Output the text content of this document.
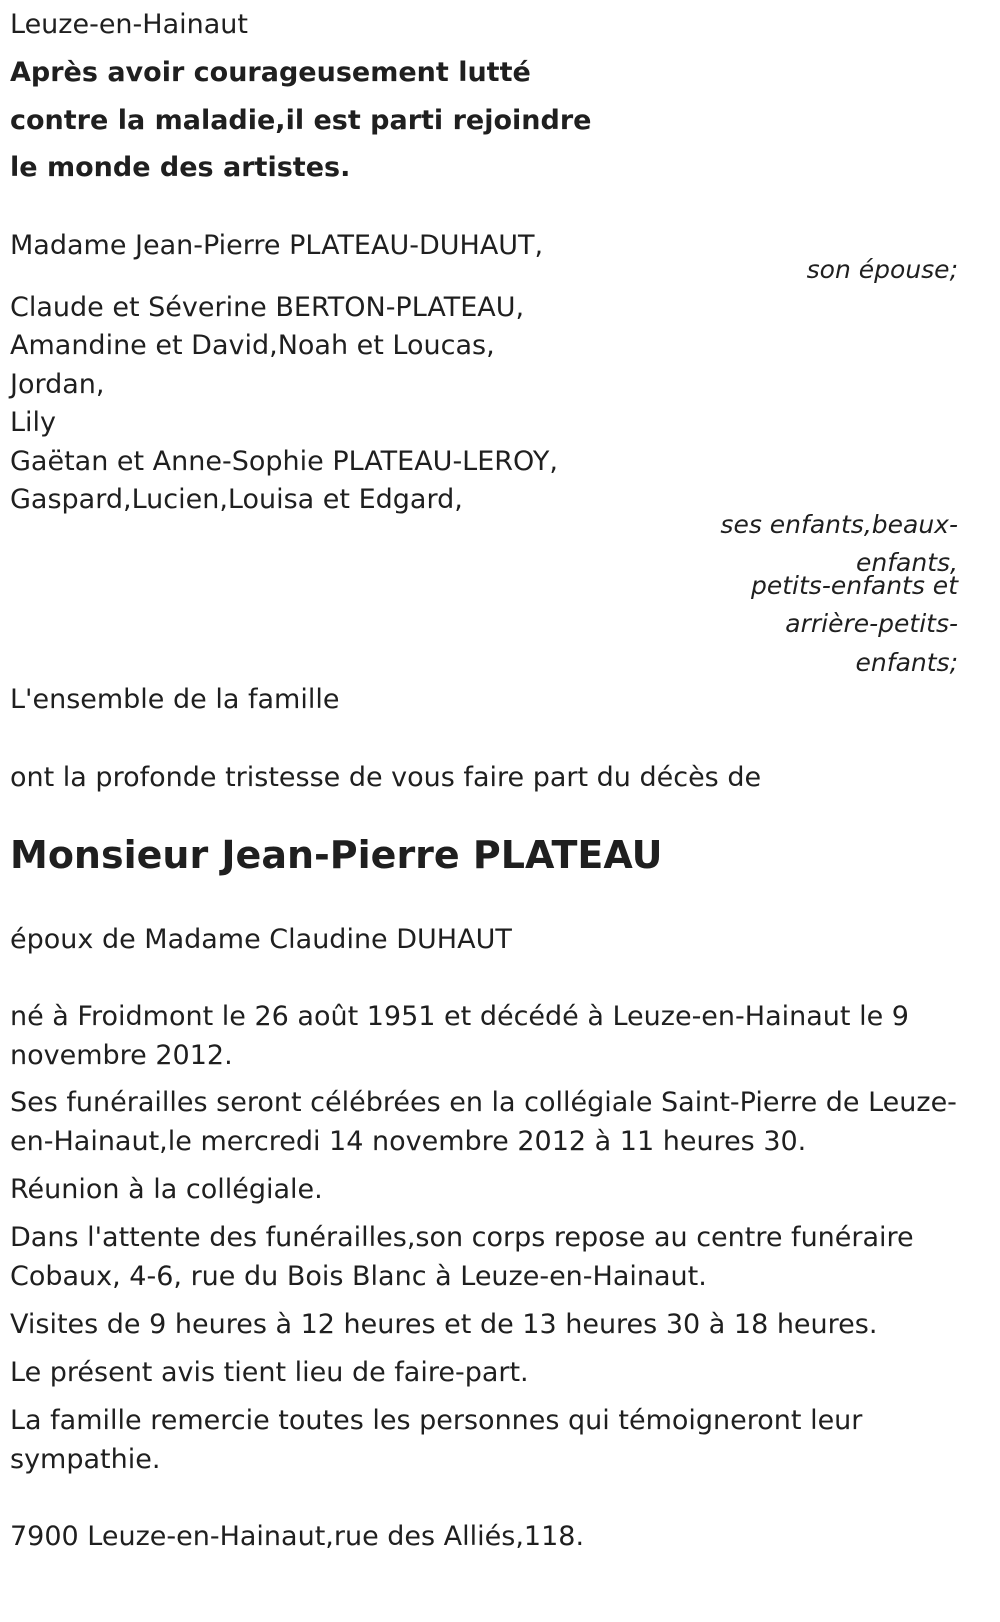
Leuze-en-Hainaut
Après avoir courageusement lutté
contre la maladie,il est parti rejoindre
le monde des artistes.
Madame Jean-Pierre PLATEAU-DUHAUT,
son épouse;
Claude et Séverine BERTON-PLATEAU,
Amandine et David,Noah et Loucas,
Jordan,
Lily
Gaëtan et Anne-Sophie PLATEAU-LEROY,
Gaspard,Lucien,Louisa et Edgard,
ses enfants,beaux-
enfants,
petits-enfants et
arrière-petits-
enfants;
L'ensemble de la famille
ont la profonde tristesse de vous faire part du décès de
Monsieur Jean-Pierre PLATEAU
époux de Madame Claudine DUHAUT
né à Froidmont le 26 août 1951 et décédé à Leuze-en-Hainaut le 9
novembre 2012.
Ses funérailles seront célébrées en la collégiale Saint-Pierre de Leuze-
en-Hainaut,le mercredi 14 novembre 2012 à 11 heures 30.
Réunion à la collégiale.
Dans l'attente des funérailles,son corps repose au centre funéraire
Cobaux, 4-6, rue du Bois Blanc à Leuze-en-Hainaut.
Visites de 9 heures à 12 heures et de 13 heures 30 à 18 heures.
Le présent avis tient lieu de faire-part.
La famille remercie toutes les personnes qui témoigneront leur
sympathie.
7900 Leuze-en-Hainaut,rue des Alliés,118.
